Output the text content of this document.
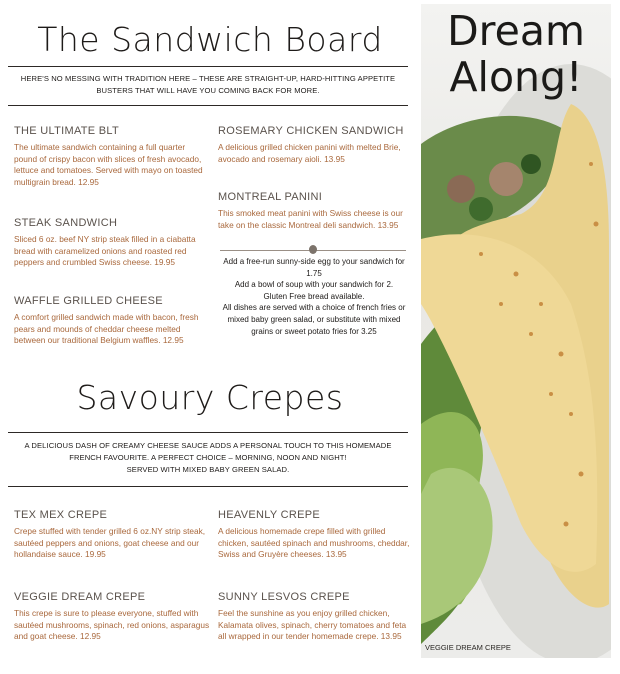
The Sandwich Board
HERE'S NO MESSING WITH TRADITION HERE – THESE ARE STRAIGHT-UP, HARD-HITTING APPETITE BUSTERS THAT WILL HAVE YOU COMING BACK FOR MORE.
THE ULTIMATE BLT
The ultimate sandwich containing a full quarter pound of crispy bacon with slices of fresh avocado, lettuce and tomatoes. Served with mayo on toasted multigrain bread. 12.95
STEAK SANDWICH
Sliced 6 oz. beef NY strip steak filled in a ciabatta bread with caramelized onions and roasted red peppers and crumbled Swiss cheese. 19.95
WAFFLE GRILLED CHEESE
A comfort grilled sandwich made with bacon, fresh pears and mounds of cheddar cheese melted between our traditional Belgium waffles. 12.95
ROSEMARY CHICKEN SANDWICH
A delicious grilled chicken panini with melted Brie, avocado and rosemary aioli. 13.95
MONTREAL PANINI
This smoked meat panini with Swiss cheese is our take on the classic Montreal deli sandwich. 13.95
Add a free-run sunny-side egg to your sandwich for 1.75
Add a bowl of soup with your sandwich for 2.
Gluten Free bread available.
All dishes are served with a choice of french fries or mixed baby green salad, or substitute with mixed grains or sweet potato fries for 3.25
Savoury Crepes
A DELICIOUS DASH OF CREAMY CHEESE SAUCE ADDS A PERSONAL TOUCH TO THIS HOMEMADE FRENCH FAVOURITE. A PERFECT CHOICE – MORNING, NOON AND NIGHT!
SERVED WITH MIXED BABY GREEN SALAD.
TEX MEX CREPE
Crepe stuffed with tender grilled 6 oz.NY strip steak, sautéed peppers and onions, goat cheese and our hollandaise sauce. 19.95
VEGGIE DREAM CREPE
This crepe is sure to please everyone, stuffed with sautéed mushrooms, spinach, red onions, asparagus and goat cheese. 12.95
HEAVENLY CREPE
A delicious homemade crepe filled with grilled chicken, sautéed spinach and mushrooms, cheddar, Swiss and Gruyère cheeses. 13.95
SUNNY LESVOS CREPE
Feel the sunshine as you enjoy grilled chicken, Kalamata olives, spinach, cherry tomatoes and feta all wrapped in our tender homemade crepe. 13.95
Dream
Along!
VEGGIE DREAM CREPE
